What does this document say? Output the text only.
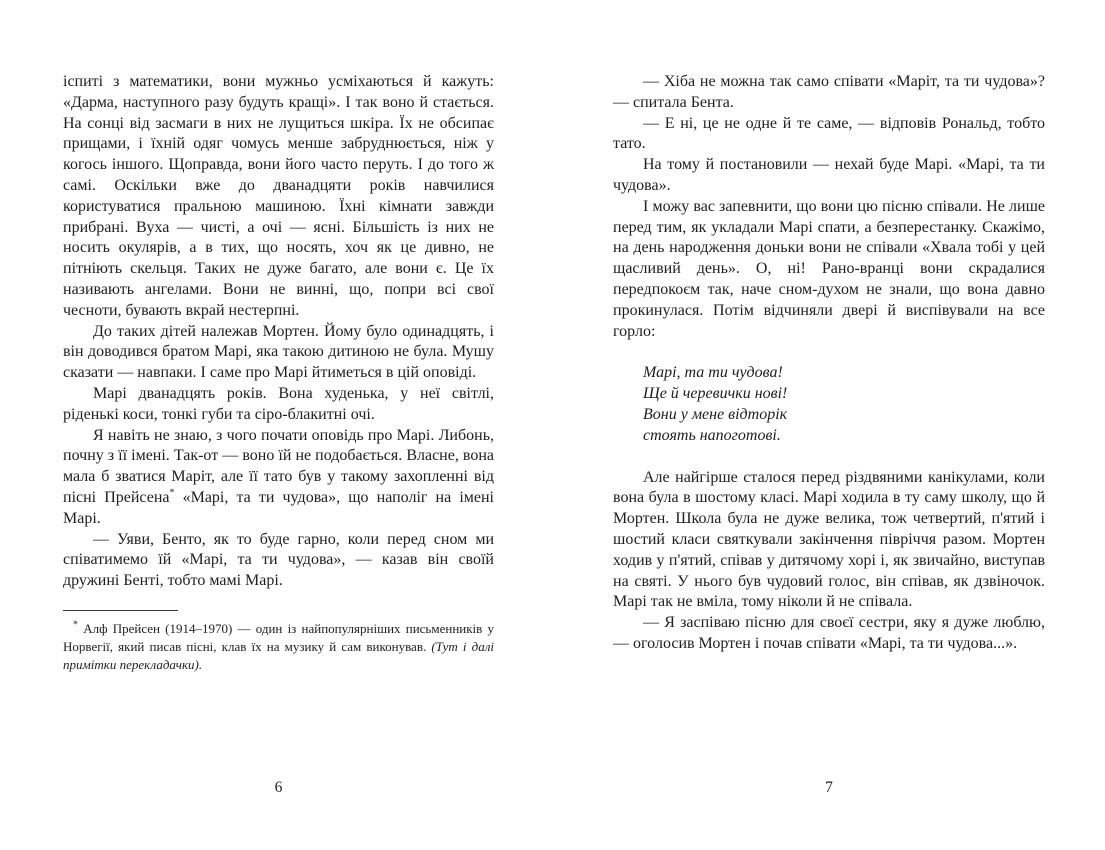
іспиті з математики, вони мужньо усміхаються й кажуть: «Дарма, наступного разу будуть кращі». І так воно й стається. На сонці від засмаги в них не лущиться шкіра. Їх не обсипає прищами, і їхній одяг чомусь менше забруднюється, ніж у когось іншого. Щоправда, вони його часто перуть. І до того ж самі. Оскільки вже до дванадцяти років навчилися користуватися пральною машиною. Їхні кімнати завжди прибрані. Вуха — чисті, а очі — ясні. Більшість із них не носить окулярів, а в тих, що носять, хоч як це дивно, не пітніють скельця. Таких не дуже багато, але вони є. Це їх називають ангелами. Вони не винні, що, попри всі свої чесноти, бувають вкрай нестерпні.

До таких дітей належав Мортен. Йому було одинадцять, і він доводився братом Марі, яка такою дитиною не була. Мушу сказати — навпаки. І саме про Марі йтиметься в цій оповіді.

Марі дванадцять років. Вона худенька, у неї світлі, ріденькі коси, тонкі губи та сіро-блакитні очі.

Я навіть не знаю, з чого почати оповідь про Марі. Либонь, почну з її імені. Так-от — воно їй не подобається. Власне, вона мала б зватися Маріт, але її тато був у такому захопленні від пісні Прейсена* «Марі, та ти чудова», що наполіг на імені Марі.

— Уяви, Бенто, як то буде гарно, коли перед сном ми співатимемо їй «Марі, та ти чудова», — казав він своїй дружині Бенті, тобто мамі Марі.

* Алф Прейсен (1914–1970) — один із найпопулярніших письменників у Норвегії, який писав пісні, клав їх на музику й сам виконував. (Тут і далі примітки перекладачки).

— Хіба не можна так само співати «Маріт, та ти чудова»? — спитала Бента.

— Е ні, це не одне й те саме, — відповів Рональд, тобто тато.

На тому й постановили — нехай буде Марі. «Марі, та ти чудова».

І можу вас запевнити, що вони цю пісню співали. Не лише перед тим, як укладали Марі спати, а безперестанку. Скажімо, на день народження доньки вони не співали «Хвала тобі у цей щасливий день». О, ні! Рано-вранці вони скрадалися передпокоєм так, наче сном-духом не знали, що вона давно прокинулася. Потім відчиняли двері й виспівували на все горло:

Марі, та ти чудова!
Ще й черевички нові!
Вони у мене відторік
стоять напоготові.

Але найгірше сталося перед різдвяними канікулами, коли вона була в шостому класі. Марі ходила в ту саму школу, що й Мортен. Школа була не дуже велика, тож четвертий, п'ятий і шостий класи святкували закінчення півріччя разом. Мортен ходив у п'ятий, співав у дитячому хорі і, як звичайно, виступав на святі. У нього був чудовий голос, він співав, як дзвіночок. Марі так не вміла, тому ніколи й не співала.

— Я заспіваю пісню для своєї сестри, яку я дуже люблю, — оголосив Мортен і почав співати «Марі, та ти чудова...».

6	7
